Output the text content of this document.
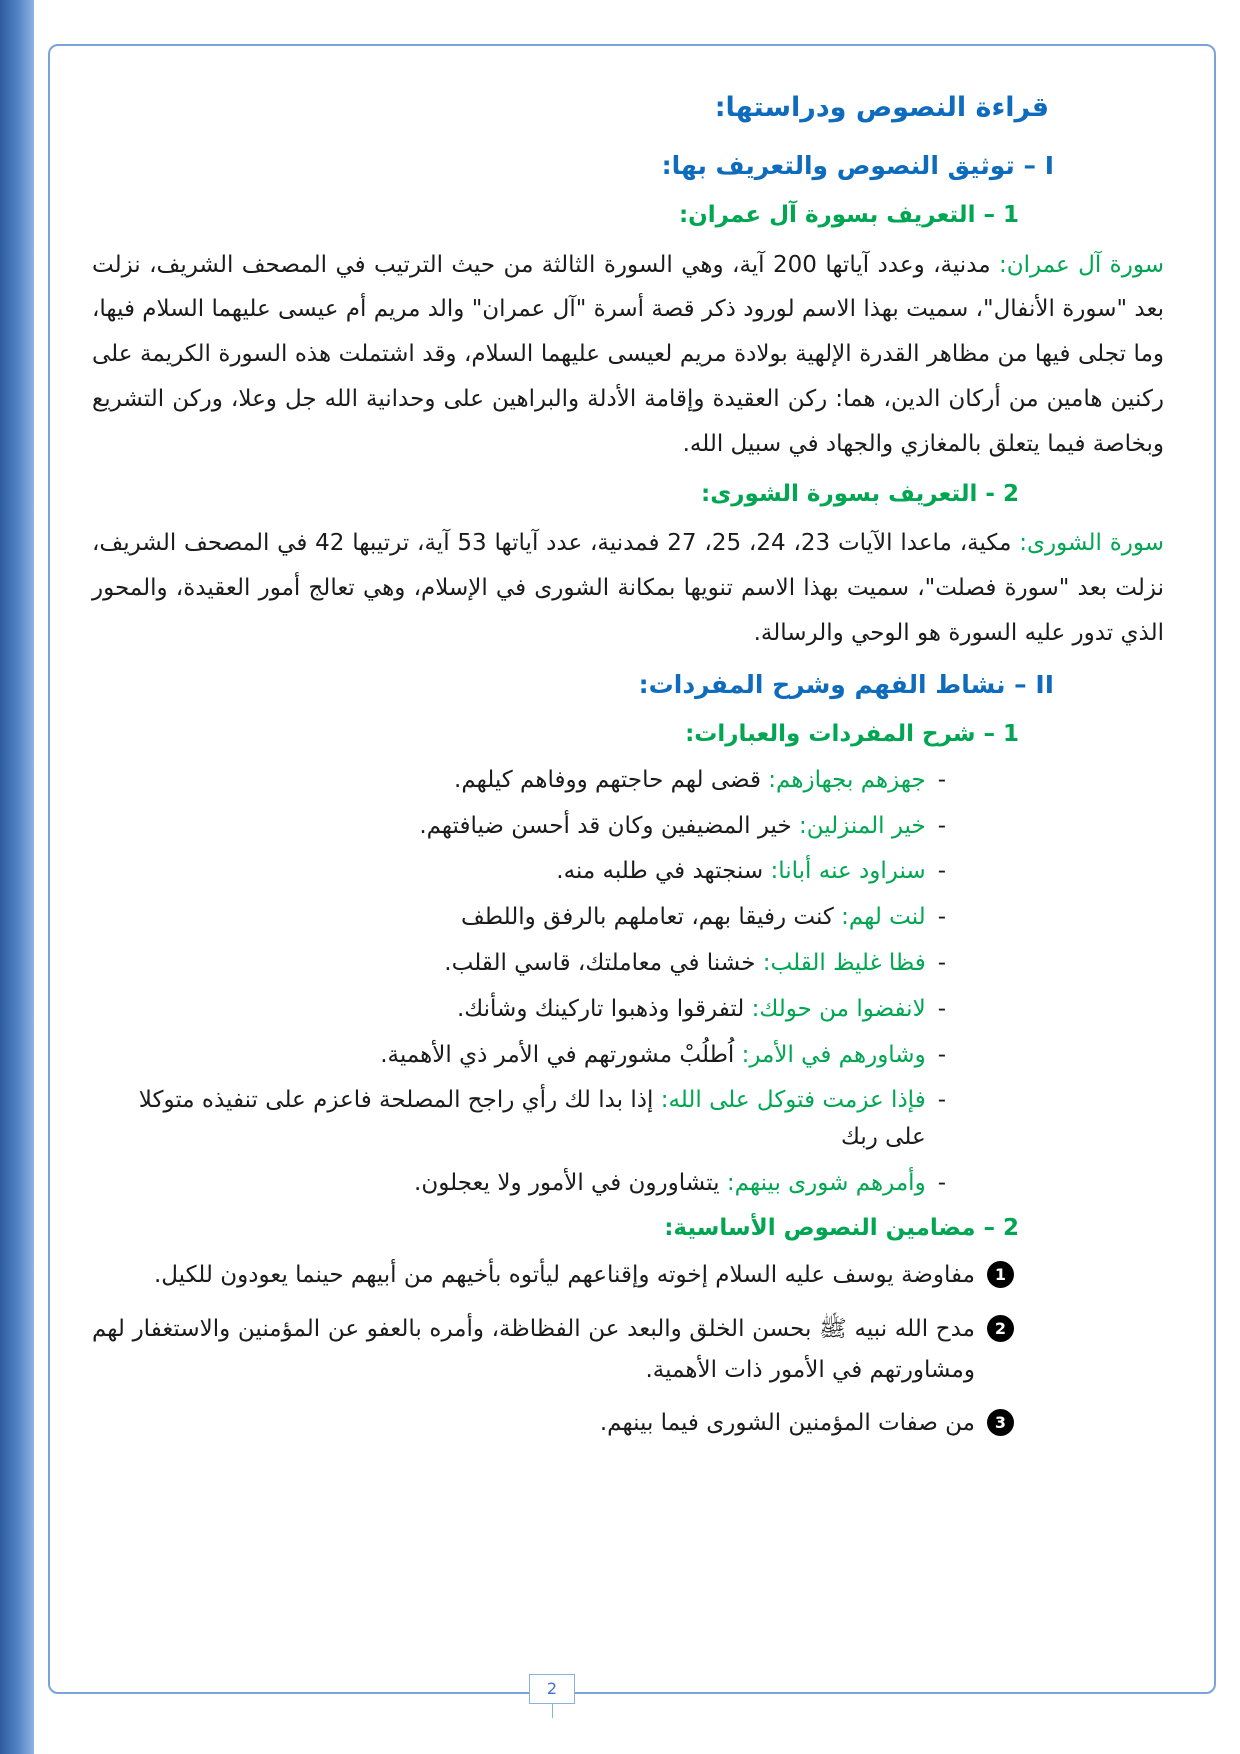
قراءة النصوص ودراستها:
I – توثيق النصوص والتعريف بها:
1 – التعريف بسورة آل عمران:

سورة آل عمران: مدنية، وعدد آياتها 200 آية، وهي السورة الثالثة من حيث الترتيب في المصحف الشريف، نزلت بعد "سورة الأنفال"، سميت بهذا الاسم لورود ذكر قصة أسرة "آل عمران" والد مريم أم عيسى عليهما السلام فيها، وما تجلى فيها من مظاهر القدرة الإلهية بولادة مريم لعيسى عليهما السلام، وقد اشتملت هذه السورة الكريمة على ركنين هامين من أركان الدين، هما: ركن العقيدة وإقامة الأدلة والبراهين على وحدانية الله جل وعلا، وركن التشريع وبخاصة فيما يتعلق بالمغازي والجهاد في سبيل الله.

2 - التعريف بسورة الشورى:

سورة الشورى: مكية، ماعدا الآيات 23، 24، 25، 27 فمدنية، عدد آياتها 53 آية، ترتيبها 42 في المصحف الشريف، نزلت بعد "سورة فصلت"، سميت بهذا الاسم تنويها بمكانة الشورى في الإسلام، وهي تعالج أمور العقيدة، والمحور الذي تدور عليه السورة هو الوحي والرسالة.

II – نشاط الفهم وشرح المفردات:
1 – شرح المفردات والعبارات:
-
جهزهم بجهازهم: قضى لهم حاجتهم ووفاهم كيلهم.
-
خير المنزلين: خير المضيفين وكان قد أحسن ضيافتهم.
-
سنراود عنه أبانا: سنجتهد في طلبه منه.
-
لنت لهم: كنت رفيقا بهم، تعاملهم بالرفق واللطف
-
فظا غليظ القلب: خشنا في معاملتك، قاسي القلب.
-
لانفضوا من حولك: لتفرقوا وذهبوا تاركينك وشأنك.
-
وشاورهم في الأمر: اُطلُبْ مشورتهم في الأمر ذي الأهمية.
-
فإذا عزمت فتوكل على الله: إذا بدا لك رأي راجح المصلحة فاعزم على تنفيذه متوكلا على ربك
-
وأمرهم شورى بينهم: يتشاورون في الأمور ولا يعجلون.
2 – مضامين النصوص الأساسية:
1
مفاوضة يوسف عليه السلام إخوته وإقناعهم ليأتوه بأخيهم من أبيهم حينما يعودون للكيل.
2
مدح الله نبيه ﷺ بحسن الخلق والبعد عن الفظاظة، وأمره بالعفو عن المؤمنين والاستغفار لهم ومشاورتهم في الأمور ذات الأهمية.
3
من صفات المؤمنين الشورى فيما بينهم.
2
